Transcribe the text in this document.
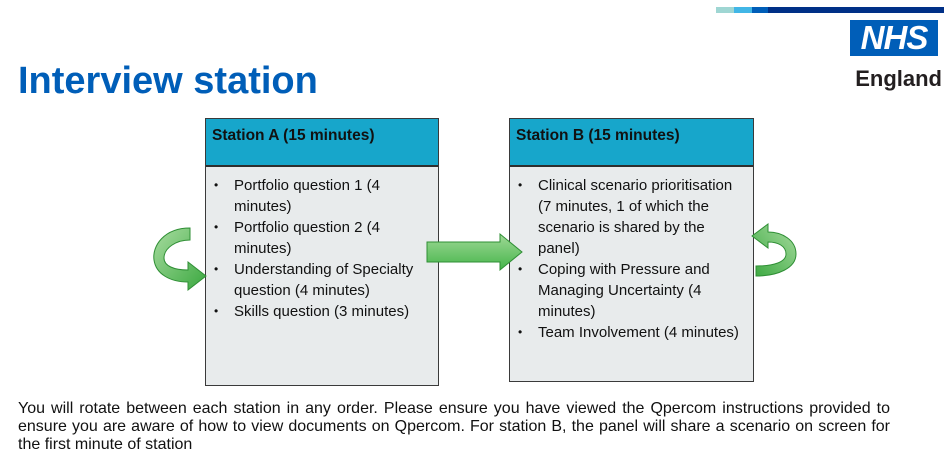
NHS
England
Interview station
Station A (15 minutes)
• Portfolio question 1 (4 minutes)
• Portfolio question 2 (4 minutes)
• Understanding of Specialty question (4 minutes)
• Skills question (3 minutes)
Station B (15 minutes)
• Clinical scenario prioritisation (7 minutes, 1 of which the scenario is shared by the panel)
• Coping with Pressure and Managing Uncertainty (4 minutes)
• Team Involvement (4 minutes)

You will rotate between each station in any order. Please ensure you have viewed the Qpercom instructions provided to ensure you are aware of how to view documents on Qpercom. For station B, the panel will share a scenario on screen for the first minute of station
